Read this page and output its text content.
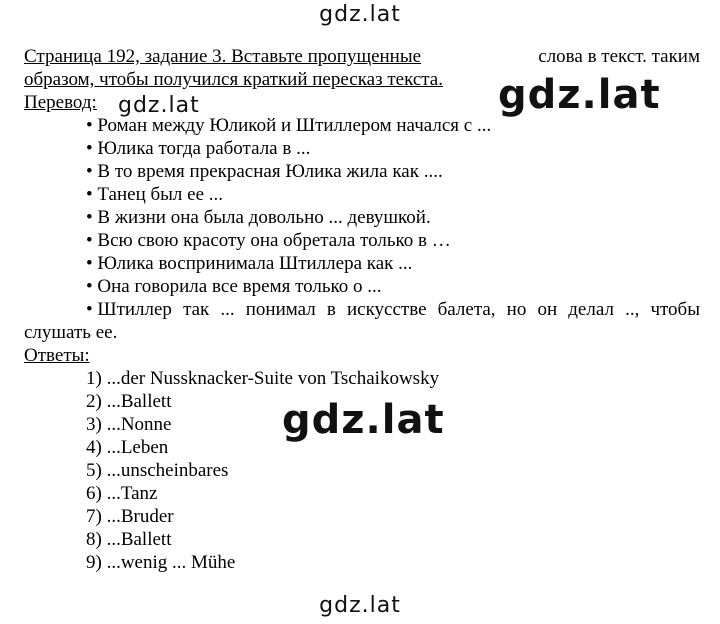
gdz.lat
Страница 192, задание 3. Вставьте пропущенные	слова в текст. таким
образом, чтобы получился краткий пересказ текста.
Перевод:
• Роман между Юликой и Штиллером начался с ...
• Юлика тогда работала в ...
• В то время прекрасная Юлика жила как ....
• Танец был ее ...
• В жизни она была довольно ... девушкой.
• Всю свою красоту она обретала только в …
• Юлика воспринимала Штиллера как ...
• Она говорила все время только о ...
• Штиллер так ... понимал в искусстве балета, но он делал .., чтобы
слушать ее.
Ответы:
1) ...der Nussknacker-Suite von Tschaikowsky
2) ...Ballett
3) ...Nonne
4) ...Leben
5) ...unscheinbares
6) ...Tanz
7) ...Bruder
8) ...Ballett
9) ...wenig ... Mühe
gdz.lat	gdz.lat
gdz.lat
gdz.lat
